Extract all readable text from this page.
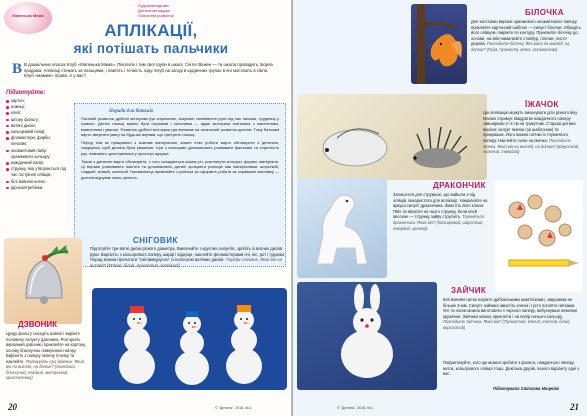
Маленька Мама
Художник вдома
Дитяча методика
Освоєння розвиток
АПЛІКАЦІЇ,
які потішать пальчики
В В дошкільних класах Клуб «Маленька Мама», Пікологік і тим свої групи в школі. Сінтег Вінкен — та школа проводить творча продажа. Аплікаці стежать за пальцями, і пам'ять і точність зору. Клуб на загоді в щоденних групах в яні мостають в сім’ю. Клуб «мамині» ігрова. А у вас?
Підготуйте:
картон;
ножиці;
клей;
шпону фольгу;
ватяні диски;
кольоровий папір;
фломастери, фарби, пензлик;
оксамитовий папір оранжевого кольору;
наждачний папір;
стружку, яка утворюється під час гостріння олівців;
білі вовняні нитки;
дірокол/гребінки.
Поради для батьків

Поганий розвиток дрібної моторики рук спричиняє, зокрема, невпевнені рухи під час письма, труднощі у грамоті. Дитячі пальці мають бути гнучкими і сильними — адже моторика пов'язана з мисленням, мовленням і увагою. Розвиток дрібної моторики рук впливає на загальний розвиток дитини. Тому батькам варто звертати увагу на будь-які вправи, що тренують пальці.

Перед тим як працювати з кожним матеріалом, кожен етап роботи варто обговорити з дитиною, слідкуючи, щоб дитина була уважною. Ігри з пальцями допомагають розвивати фантазію та спритність рук, навчають орієнтуватися у просторі аркуша.

Також з дитиною варто обговорити, з чого складається кожна річ, розглянути кольори, форми, матеріали. Ці вправи розвивають пам'ять та допомагають дитині зрозуміти різницю між матеріалами: шорсткий, гладкий, м'який, колючий. Насамкінець привітайте з успіхом та оформіть роботи як справжню виставку — дитина відчуває свою цінність.

ДЗВОНИК
Цукру фольгу складіть навпіл і виріжте половину силуету дзвоника. Розгорніть вирізаний дзвоник і приклейте на картону основу блискучою поверхнею нагору. Вирізніть з паперу зелену гілочку та наклейте. Поговоріть про дзвоник. Який він на вигляд, на дотик? (Холодний, блискучий, гладкий, металевий, кристалевий)
СНІГОВИК
Підготуйте три ватні диски різного діаметра. Виклеюйте з круглих силуетів, зробіть із ватних дисків руки. Вирізніть з кольорового паперу шарф і відерце, наклейте фломастерами очі, ніс, рот і гудзики. Порад можна прочитати "сніговикурусно" із полоскою ватяних дисків. Поради сніговик. Який він на вигляд? (М'який, білий, пухнастий, холодний)
20	© "Дитина", 2018, №1
БІЛОЧКА
Для заготовки вирізки оранжевого оксамитового паперу приклейте картонний шаблон — силует білочки. Обведіть його олівцем і виріжте по контуру. Приклейте білочку до основи, на якій намалюйте стовбур, гілочки, листя дерева. Погладьте білочку. Яка вона на вигляд, на дотик? (Руда, пухнаста, м'яка, оксамитова)
ЇЖАЧОК
Цю аплікацію можуть виконувати діти різного віку. Малюк отримує квадратик наждачного паперу завширшки 2–3 см на трикутник. Старша дитина вирізає силует їжачка (за шаблоном) та прикрашає. Його можна голчки із тлумачного паперу. Наклейте голки на їжачка. Погладьте їжачка. Який він на вигляд, на дотик? (Шорсткий, колючий, твердий)
ДРАКОНЧИК
Залиштеся для стружкою ,що вийшла з-під олівців, використати для аплікації. Намалюйте на аркуші силует дракончика. Змастіть його клеєм ПВА та висипте на нього стружку. Коли клей висохне — стружку зайву струсніть. Торкніться дракончика. Який він? (Кольоровий, шорсткий, твердий, цікавий)
ЗАЙЧИК
Білі вовняні нитки наріжте дрібненькими шматочками, завдовжки не більше 5 мм. Силует зайчика змастіть клеєм і густо посипте нитками. Очі та носик можна виготовити з чорного паперу, вибухнувши невеликі кружечки. Зайчика можна приклеїти і на папір синього кольору. Погладьте зайчика. Який він? (Пухнастий, м'який, теплий, білий, ворсистий)
Пофантазуйте, кого ще можна зробити з фольги, наждачного паперу, ниток, кольорового олівця тощо. Декілька друзів, Іншого варіанту одні з вас.
Підготувала Світлана Мацейко
© "Дитина", 2018, №1	21
